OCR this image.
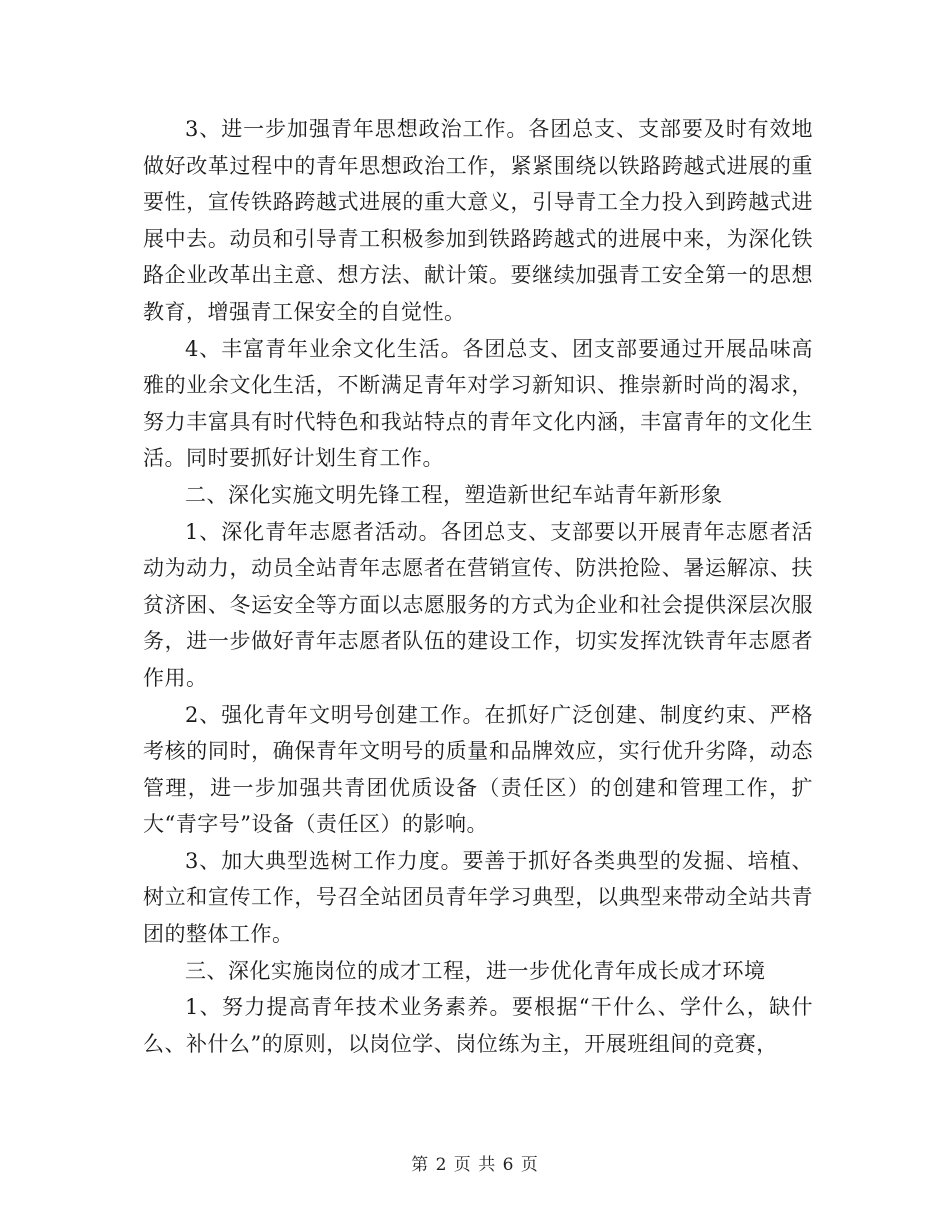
3、进一步加强青年思想政治工作。各团总支、支部要及时有效地做好改革过程中的青年思想政治工作，紧紧围绕以铁路跨越式进展的重要性，宣传铁路跨越式进展的重大意义，引导青工全力投入到跨越式进展中去。动员和引导青工积极参加到铁路跨越式的进展中来，为深化铁路企业改革出主意、想方法、献计策。要继续加强青工安全第一的思想教育，增强青工保安全的自觉性。

4、丰富青年业余文化生活。各团总支、团支部要通过开展品味高雅的业余文化生活，不断满足青年对学习新知识、推崇新时尚的渴求，努力丰富具有时代特色和我站特点的青年文化内涵，丰富青年的文化生活。同时要抓好计划生育工作。

二、深化实施文明先锋工程，塑造新世纪车站青年新形象

1、深化青年志愿者活动。各团总支、支部要以开展青年志愿者活动为动力，动员全站青年志愿者在营销宣传、防洪抢险、暑运解凉、扶贫济困、冬运安全等方面以志愿服务的方式为企业和社会提供深层次服务，进一步做好青年志愿者队伍的建设工作，切实发挥沈铁青年志愿者作用。

2、强化青年文明号创建工作。在抓好广泛创建、制度约束、严格考核的同时，确保青年文明号的质量和品牌效应，实行优升劣降，动态管理，进一步加强共青团优质设备（责任区）的创建和管理工作，扩大“青字号”设备（责任区）的影响。

3、加大典型选树工作力度。要善于抓好各类典型的发掘、培植、树立和宣传工作，号召全站团员青年学习典型，以典型来带动全站共青团的整体工作。

三、深化实施岗位的成才工程，进一步优化青年成长成才环境

1、努力提高青年技术业务素养。要根据“干什么、学什么，缺什么、补什么”的原则，以岗位学、岗位练为主，开展班组间的竞赛，

第 2 页 共 6 页
